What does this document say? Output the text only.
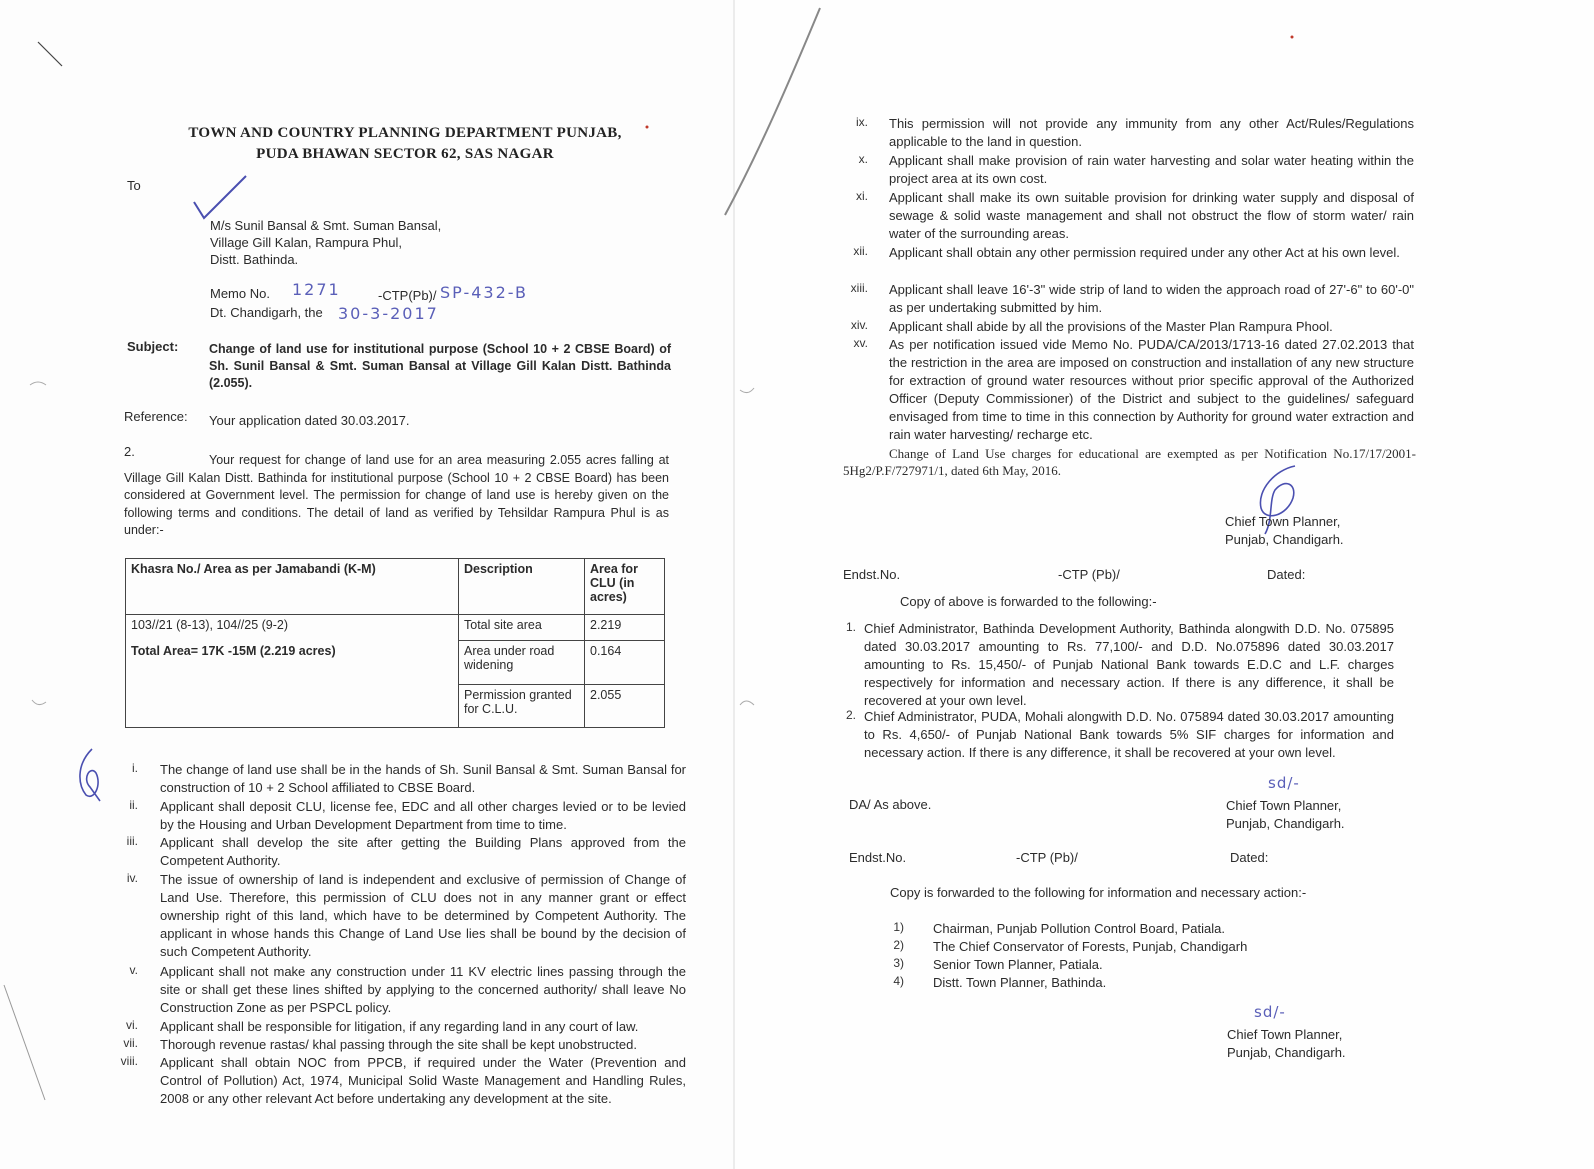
TOWN AND COUNTRY PLANNING DEPARTMENT PUNJAB,
PUDA BHAWAN SECTOR 62, SAS NAGAR
To
M/s Sunil Bansal & Smt. Suman Bansal,
Village Gill Kalan, Rampura Phul,
Distt. Bathinda.
Memo No. 1271	-CTP(Pb)/ SP-432-B
Dt. Chandigarh, the 30-3-2017
Subject: Change of land use for institutional purpose (School 10 + 2 CBSE Board) of Sh. Sunil Bansal & Smt. Suman Bansal at Village Gill Kalan Distt. Bathinda (2.055).
Reference: Your application dated 30.03.2017.
2.
Your request for change of land use for an area measuring 2.055 acres falling at Village Gill Kalan Distt. Bathinda for institutional purpose (School 10 + 2 CBSE Board) has been considered at Government level. The permission for change of land use is hereby given on the following terms and conditions. The detail of land as verified by Tehsildar Rampura Phul is as under:-
Khasra No./ Area as per Jamabandi (K-M)	Description	Area for CLU (in acres)

103//21 (8-13), 104//25 (9-2)
Total Area= 17K -15M (2.219 acres)	Total site area	2.219
	Area under road widening	0.164
	Permission granted for C.L.U.	2.055
i. The change of land use shall be in the hands of Sh. Sunil Bansal & Smt. Suman Bansal for construction of 10 + 2 School affiliated to CBSE Board.
ii. Applicant shall deposit CLU, license fee, EDC and all other charges levied or to be levied by the Housing and Urban Development Department from time to time.
iii. Applicant shall develop the site after getting the Building Plans approved from the Competent Authority.
iv. The issue of ownership of land is independent and exclusive of permission of Change of Land Use. Therefore, this permission of CLU does not in any manner grant or effect ownership right of this land, which have to be determined by Competent Authority. The applicant in whose hands this Change of Land Use lies shall be bound by the decision of such Competent Authority.
v. Applicant shall not make any construction under 11 KV electric lines passing through the site or shall get these lines shifted by applying to the concerned authority/ shall leave No Construction Zone as per PSPCL policy.
vi. Applicant shall be responsible for litigation, if any regarding land in any court of law.
vii. Thorough revenue rastas/ khal passing through the site shall be kept unobstructed.
viii. Applicant shall obtain NOC from PPCB, if required under the Water (Prevention and Control of Pollution) Act, 1974, Municipal Solid Waste Management and Handling Rules, 2008 or any other relevant Act before undertaking any development at the site.
ix. This permission will not provide any immunity from any other Act/Rules/Regulations applicable to the land in question.
x. Applicant shall make provision of rain water harvesting and solar water heating within the project area at its own cost.
xi. Applicant shall make its own suitable provision for drinking water supply and disposal of sewage & solid waste management and shall not obstruct the flow of storm water/ rain water of the surrounding areas.
xii. Applicant shall obtain any other permission required under any other Act at his own level.
xiii. Applicant shall leave 16'-3" wide strip of land to widen the approach road of 27'-6" to 60'-0" as per undertaking submitted by him.
xiv. Applicant shall abide by all the provisions of the Master Plan Rampura Phool.
xv. As per notification issued vide Memo No. PUDA/CA/2013/1713-16 dated 27.02.2013 that the restriction in the area are imposed on construction and installation of any new structure for extraction of ground water resources without prior specific approval of the Authorized Officer (Deputy Commissioner) of the District and subject to the guidelines/ safeguard envisaged from time to time in this connection by Authority for ground water extraction and rain water harvesting/ recharge etc.
Change of Land Use charges for educational are exempted as per Notification No.17/17/2001-5Hg2/P.F/727971/1, dated 6th May, 2016.
Chief Town Planner,
Punjab, Chandigarh.
Endst.No.	-CTP (Pb)/	Dated:
Copy of above is forwarded to the following:-
1. Chief Administrator, Bathinda Development Authority, Bathinda alongwith D.D. No. 075895 dated 30.03.2017 amounting to Rs. 77,100/- and D.D. No.075896 dated 30.03.2017 amounting to Rs. 15,450/- of Punjab National Bank towards E.D.C and L.F. charges respectively for information and necessary action. If there is any difference, it shall be recovered at your own level.
2. Chief Administrator, PUDA, Mohali alongwith D.D. No. 075894 dated 30.03.2017 amounting to Rs. 4,650/- of Punjab National Bank towards 5% SIF charges for information and necessary action. If there is any difference, it shall be recovered at your own level.
DA/ As above.
sd/-
Chief Town Planner,
Punjab, Chandigarh.
Endst.No.	-CTP (Pb)/	Dated:
Copy is forwarded to the following for information and necessary action:-
1) Chairman, Punjab Pollution Control Board, Patiala.
2) The Chief Conservator of Forests, Punjab, Chandigarh
3) Senior Town Planner, Patiala.
4) Distt. Town Planner, Bathinda.
sd/-
Chief Town Planner,
Punjab, Chandigarh.
